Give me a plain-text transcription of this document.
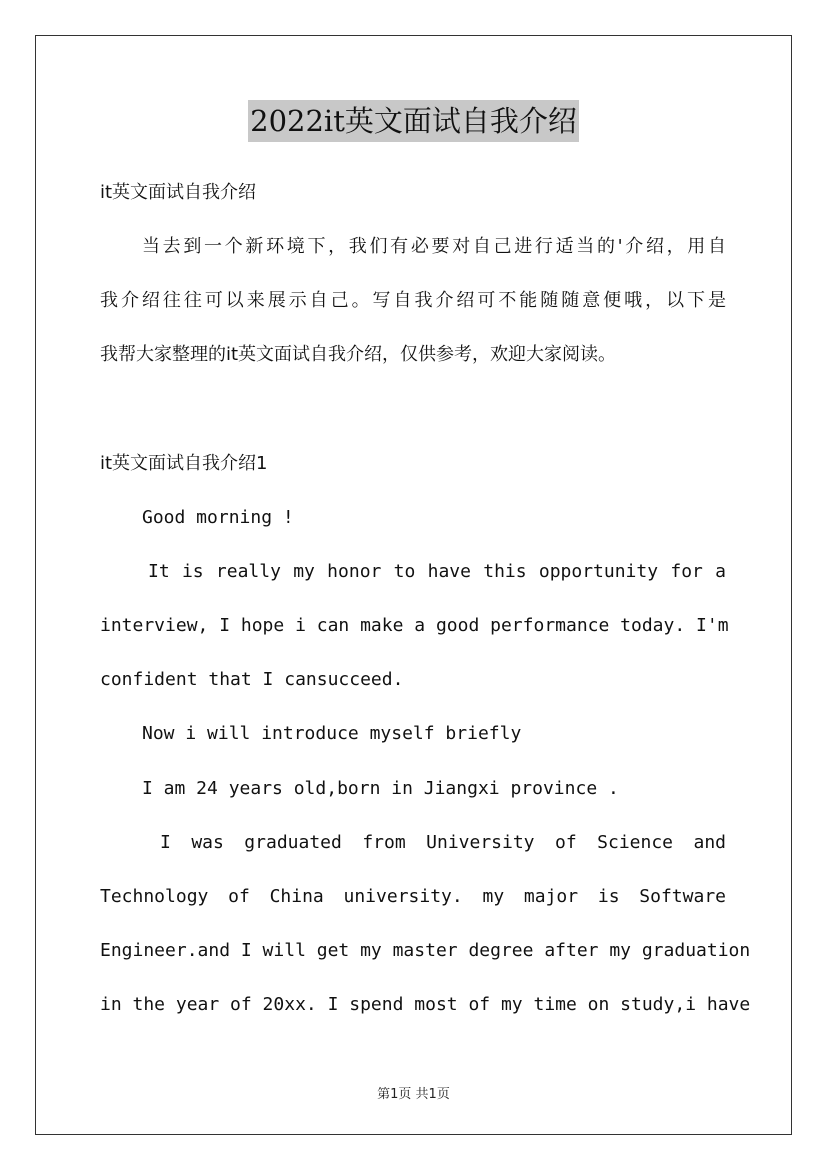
2022it英文面试自我介绍
it英文面试自我介绍
当去到一个新环境下，我们有必要对自己进行适当的'介绍，用自
我介绍往往可以来展示自己。写自我介绍可不能随随意便哦，以下是
我帮大家整理的it英文面试自我介绍，仅供参考，欢迎大家阅读。
it英文面试自我介绍1
Good morning !
It is really my honor to have this opportunity for a
interview, I hope i can make a good performance today. I'm
confident that I cansucceed.
Now i will introduce myself briefly
I am 24 years old,born in Jiangxi province .
I was graduated from University of Science and
Technology of China university. my major is Software
Engineer.and I will get my master degree after my graduation
in the year of 20xx. I spend most of my time on study,i have
第1页 共1页
